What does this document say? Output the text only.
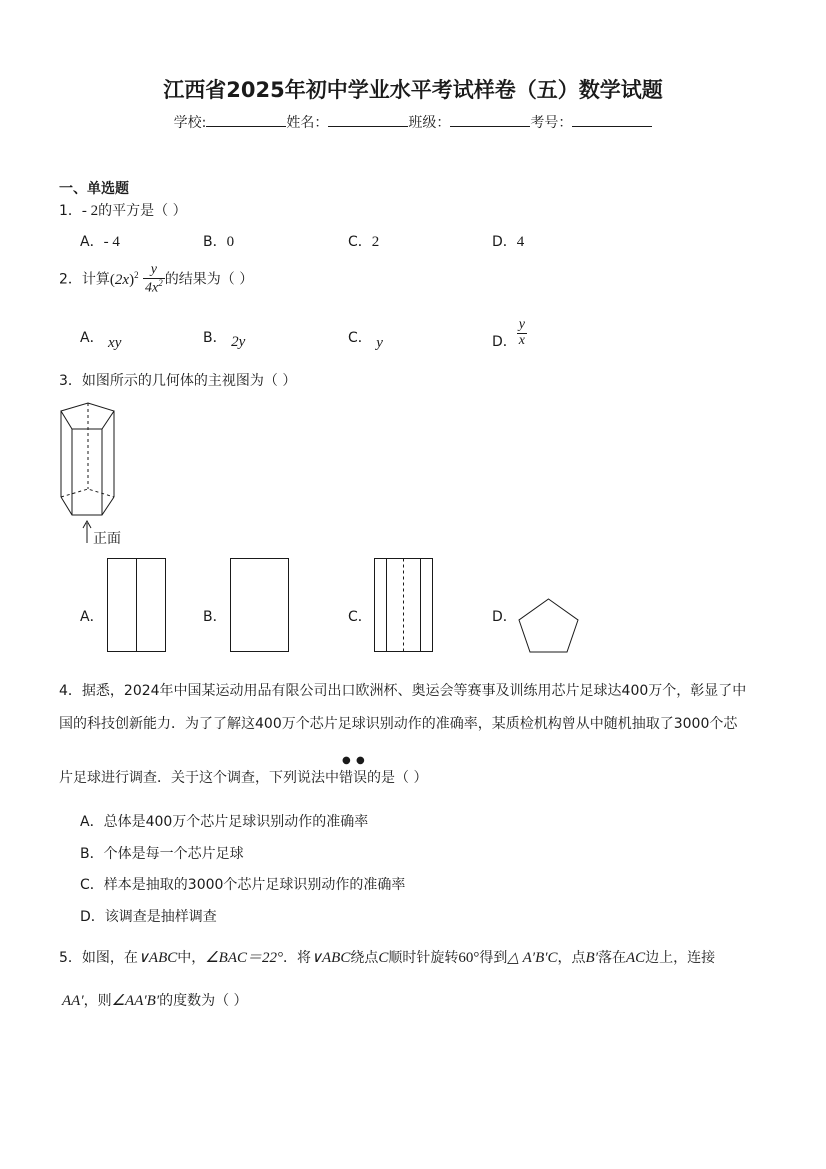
江西省2025年初中学业水平考试样卷（五）数学试题
学校:	姓名：	班级：	考号：
一、单选题
1．- 2的平方是（ ）
A．- 4	B．0	C．2	D．4
2．计算$(2x)^2 \frac{y}{4x^2}$ 的结果为（ ）
A． xy	B． 2y	C． y	D． $\frac{y}{x}$
3．如图所示的几何体的主视图为（ ）
正面
A．	B．	C．	D．
4．据悉，2024年中国某运动用品有限公司出口欧洲杯、奥运会等赛事及训练用芯片足球达400万个，彰显了中
国的科技创新能力．为了了解这400万个芯片足球识别动作的准确率，某质检机构曾从中随机抽取了3000个芯
片足球进行调查．关于这个调查，下列说法中
● ●
错误的是（ ）
A．总体是400万个芯片足球识别动作的准确率
B．个体是每一个芯片足球
C．样本是抽取的3000个芯片足球识别动作的准确率
D．该调查是抽样调查
5．如图，在∨ABC中，∠BAC＝22°．将∨ABC绕点C顺时针旋转60°得到△ A′B′C，点B′落在AC边上，连接
AA′，则∠AA′B′的度数为（ ）
